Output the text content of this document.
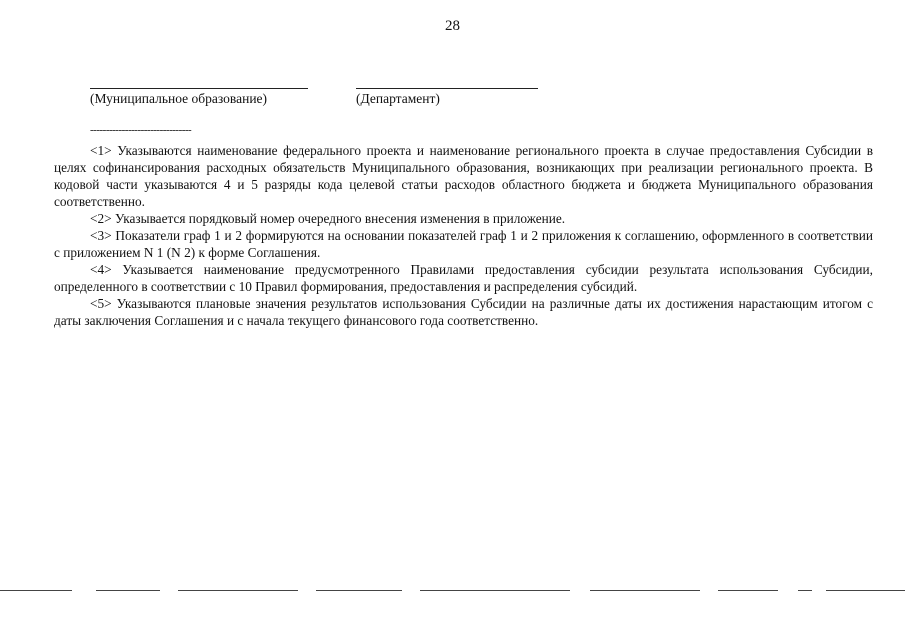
28
(Муниципальное образование)	(Департамент)
--------------------------------

<1> Указываются наименование федерального проекта и наименование регионального проекта в случае предоставления Субсидии в целях софинансирования расходных обязательств Муниципального образования, возникающих при реализации регионального проекта. В кодовой части указываются 4 и 5 разряды кода целевой статьи расходов областного бюджета и бюджета Муниципального образования соответственно.

<2> Указывается порядковый номер очередного внесения изменения в приложение.

<3> Показатели граф 1 и 2 формируются на основании показателей граф 1 и 2 приложения к соглашению, оформленного в соответствии с приложением N 1 (N 2) к форме Соглашения.

<4> Указывается наименование предусмотренного Правилами предоставления субсидии результата использования Субсидии, определенного в соответствии с 10 Правил формирования, предоставления и распределения субсидий.

<5> Указываются плановые значения результатов использования Субсидии на различные даты их достижения нарастающим итогом с даты заключения Соглашения и с начала текущего финансового года соответственно.
